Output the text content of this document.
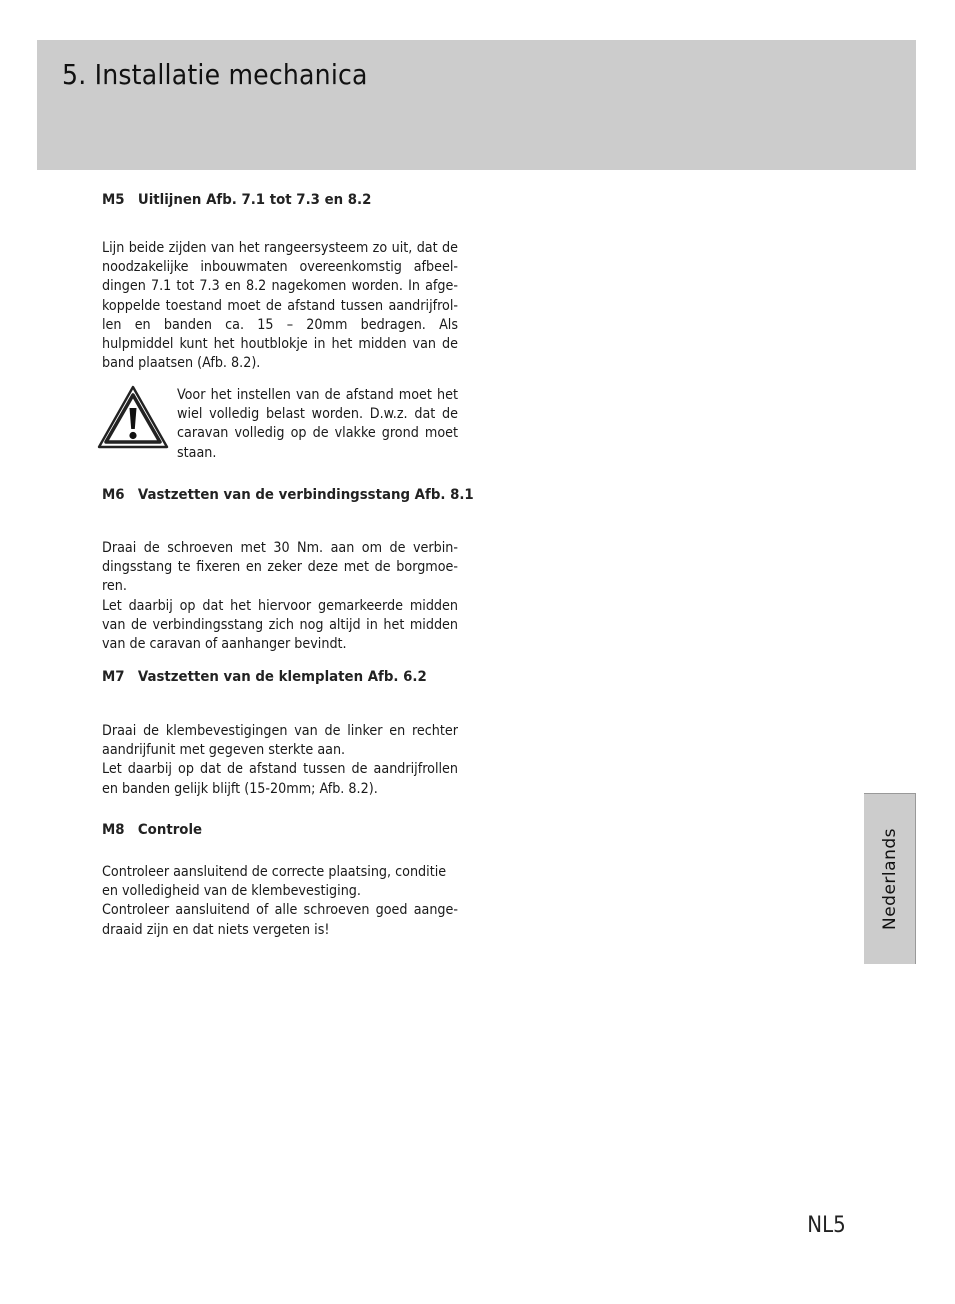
5. Installatie mechanica
M5 Uitlijnen Afb. 7.1 tot 7.3 en 8.2

Lijn beide zijden van het rangeersysteem zo uit, dat de noodzakelijke inbouwmaten overeenkomstig afbeel-dingen 7.1 tot 7.3 en 8.2 nagekomen worden. In afge-koppelde toestand moet de afstand tussen aandrijfrol-len en banden ca. 15 – 20mm bedragen. Als hulpmiddel kunt het houtblokje in het midden van de band plaatsen (Afb. 8.2).

Voor het instellen van de afstand moet het wiel volledig belast worden. D.w.z. dat de caravan volledig op de vlakke grond moet staan.

M6 Vastzetten van de verbindingsstang Afb. 8.1

Draai de schroeven met 30 Nm. aan om de verbin-dingsstang te fixeren en zeker deze met de borgmoe-ren.

Let daarbij op dat het hiervoor gemarkeerde midden van de verbindingsstang zich nog altijd in het midden van de caravan of aanhanger bevindt.

M7 Vastzetten van de klemplaten Afb. 6.2

Draai de klembevestigingen van de linker en rechter aandrijfunit met gegeven sterkte aan.

Let daarbij op dat de afstand tussen de aandrijfrollen en banden gelijk blijft (15-20mm; Afb. 8.2).

M8 Controle

Controleer aansluitend de correcte plaatsing, conditie en volledigheid van de klembevestiging.

Controleer aansluitend of alle schroeven goed aange-draaid zijn en dat niets vergeten is!	Nederlands
NL5
